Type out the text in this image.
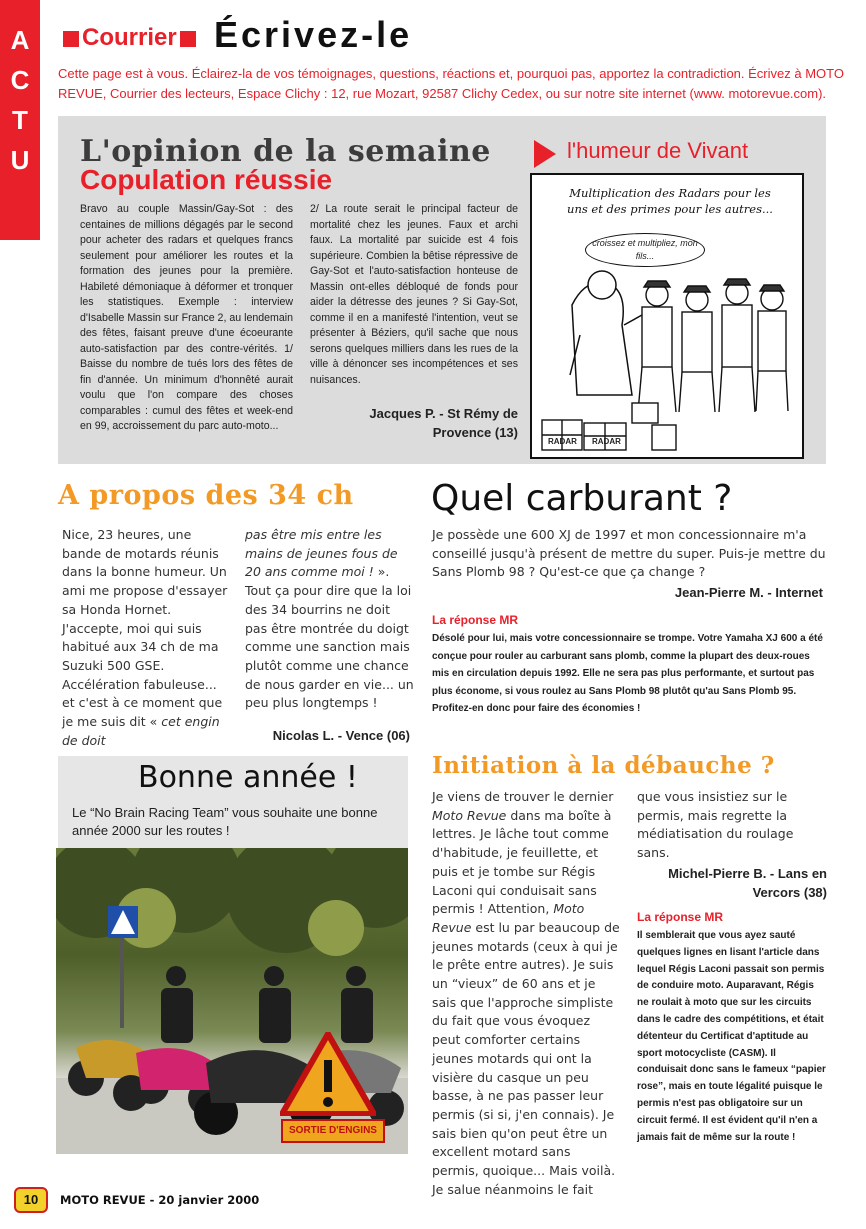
A
C
T
U
Courrier	Écrivez-le
Cette page est à vous. Éclairez-la de vos témoignages, questions, réactions et, pourquoi pas, apportez la contradiction. Écrivez à MOTO REVUE, Courrier des lecteurs, Espace Clichy : 12, rue Mozart, 92587 Clichy Cedex, ou sur notre site internet (www. motorevue.com).
L'opinion de la semaine
Copulation réussie
l'humeur de Vivant
Bravo au couple Massin/Gay-Sot : des centaines de millions dégagés par le second pour acheter des radars et quelques francs seulement pour améliorer les routes et la formation des jeunes pour la première. Habileté démoniaque à déformer et tronquer les statistiques. Exemple : interview d'Isabelle Massin sur France 2, au lendemain des fêtes, faisant preuve d'une écoeurante auto-satisfaction par des contre-vérités. 1/ Baisse du nombre de tués lors des fêtes de fin d'année. Un minimum d'honnêté aurait voulu que l'on compare des choses comparables : cumul des fêtes et week-end en 99, accroissement du parc auto-moto...
2/ La route serait le principal facteur de mortalité chez les jeunes. Faux et archi faux. La mortalité par suicide est 4 fois supérieure. Combien la bêtise répressive de Gay-Sot et l'auto-satisfaction honteuse de Massin ont-elles débloqué de fonds pour aider la détresse des jeunes ? Si Gay-Sot, comme il en a manifesté l'intention, veut se présenter à Béziers, qu'il sache que nous serons quelques milliers dans les rues de la ville à dénoncer ses incompétences et ses nuisances.
Jacques P. - St Rémy de Provence (13)
Multiplication des Radars pour les uns et des primes pour les autres...
croissez et multipliez, mon fils...
RADAR RADAR
A propos des 34 ch
Nice, 23 heures, une bande de motards réunis dans la bonne humeur. Un ami me propose d'essayer sa Honda Hornet. J'accepte, moi qui suis habitué aux 34 ch de ma Suzuki 500 GSE. Accélération fabuleuse... et c'est à ce moment que je me suis dit « cet engin de doit
pas être mis entre les mains de jeunes fous de 20 ans comme moi ! ». Tout ça pour dire que la loi des 34 bourrins ne doit pas être montrée du doigt comme une sanction mais plutôt comme une chance de nous garder en vie... un peu plus longtemps !
Nicolas L. - Vence (06)
Quel carburant ?
Je possède une 600 XJ de 1997 et mon concessionnaire m'a conseillé jusqu'à présent de mettre du super. Puis-je mettre du Sans Plomb 98 ? Qu'est-ce que ça change ?
Jean-Pierre M. - Internet
La réponse MR
Désolé pour lui, mais votre concessionnaire se trompe. Votre Yamaha XJ 600 a été conçue pour rouler au carburant sans plomb, comme la plupart des deux-roues mis en circulation depuis 1992. Elle ne sera pas plus performante, et surtout pas plus économe, si vous roulez au Sans Plomb 98 plutôt qu'au Sans Plomb 95. Profitez-en donc pour faire des économies !
Bonne année !
Le “No Brain Racing Team” vous souhaite une bonne année 2000 sur les routes !
SORTIE D'ENGINS
Initiation à la débauche ?
Je viens de trouver le dernier Moto Revue dans ma boîte à lettres. Je lâche tout comme d'habitude, je feuillette, et puis et je tombe sur Régis Laconi qui conduisait sans permis ! Attention, Moto Revue est lu par beaucoup de jeunes motards (ceux à qui je le prête entre autres). Je suis un “vieux” de 60 ans et je sais que l'approche simpliste du fait que vous évoquez peut comforter certains jeunes motards qui ont la visière du casque un peu basse, à ne pas passer leur permis (si si, j'en connais). Je sais bien qu'on peut être un excellent motard sans permis, quoique... Mais voilà. Je salue néanmoins le fait
que vous insistiez sur le permis, mais regrette la médiatisation du roulage sans.
Michel-Pierre B. - Lans en Vercors (38)
La réponse MR
Il semblerait que vous ayez sauté quelques lignes en lisant l'article dans lequel Régis Laconi passait son permis de conduire moto. Auparavant, Régis ne roulait à moto que sur les circuits dans le cadre des compétitions, et était détenteur du Certificat d'aptitude au sport motocycliste (CASM). Il conduisait donc sans le fameux “papier rose”, mais en toute légalité puisque le permis n'est pas obligatoire sur un circuit fermé. Il est évident qu'il n'en a jamais fait de même sur la route !
10	MOTO REVUE - 20 janvier 2000
